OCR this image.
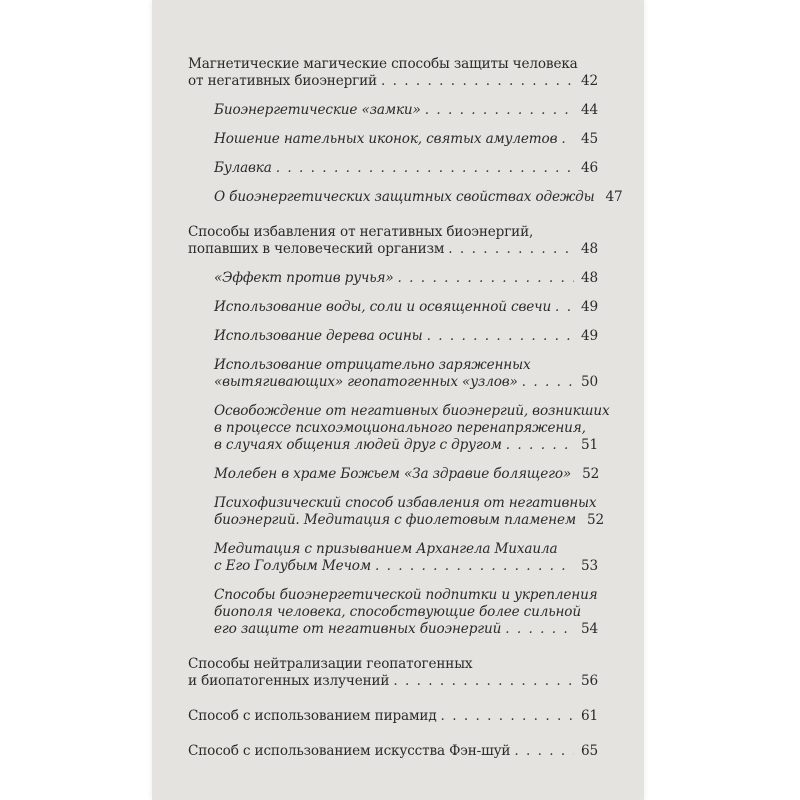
Магнетические магические способы защиты человека
от негативных биоэнергий . . .	42
Биоэнергетические «замки» . . .	44
Ношение нательных иконок, святых амулетов . . . 45
Булавка . . .	46
О биоэнергетических защитных свойствах одежды 47
Способы избавления от негативных биоэнергий,
попавших в человеческий организм . . .	48
«Эффект против ручья» . . .	48
Использование воды, соли и освященной свечи . . . 49
Использование дерева осины . . .	49
Использование отрицательно заряженных
«вытягивающих» геопатогенных «узлов» . . .	50
Освобождение от негативных биоэнергий, возникших
в процессе психоэмоционального перенапряжения,
в случаях общения людей друг с другом . . .	51
Молебен в храме Божьем «За здравие болящего» 52
Психофизический способ избавления от негативных
биоэнергий. Медитация с фиолетовым пламенем 52
Медитация с призыванием Архангела Михаила
с Его Голубым Мечом . . .	53
Способы биоэнергетической подпитки и укрепления
биополя человека, способствующие более сильной
его защите от негативных биоэнергий . . .	54
Способы нейтрализации геопатогенных
и биопатогенных излучений . . .	56
Способ с использованием пирамид . . .	61
Способ с использованием искусства Фэн-шуй . . .	65
